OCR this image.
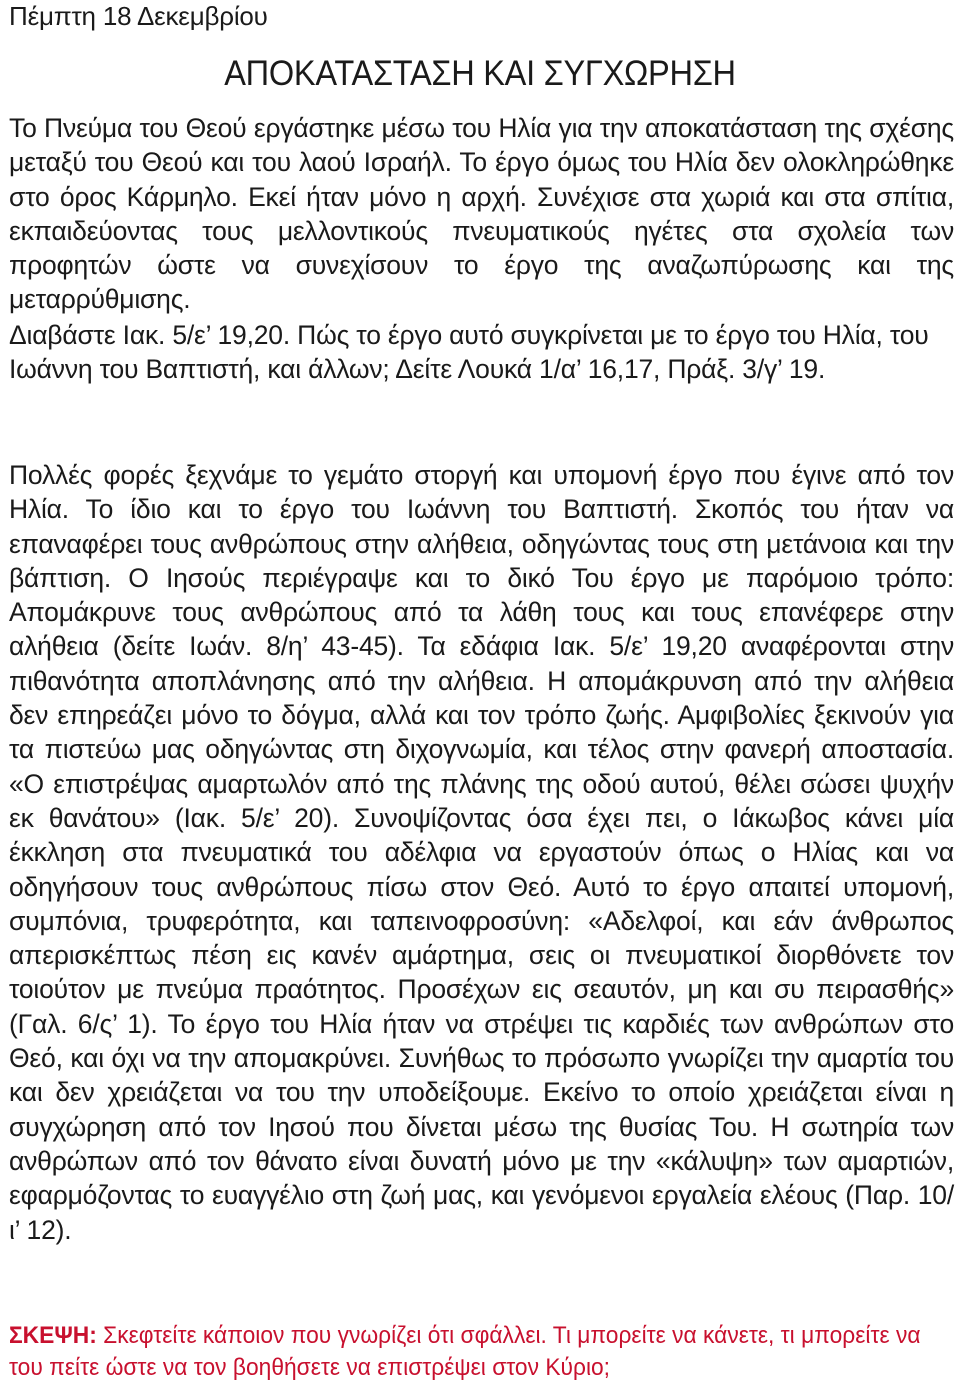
Πέμπτη 18 Δεκεμβρίου
ΑΠΟΚΑΤΑΣΤΑΣΗ ΚΑΙ ΣΥΓΧΩΡΗΣΗ

Το Πνεύμα του Θεού εργάστηκε μέσω του Ηλία για την αποκατάσταση της σχέσης μεταξύ του Θεού και του λαού Ισραήλ. Το έργο όμως του Ηλία δεν ολοκληρώθηκε στο όρος Κάρμηλο. Εκεί ήταν μόνο η αρχή. Συνέχισε στα χωριά και στα σπίτια, εκπαιδεύοντας τους μελλοντικούς πνευματικούς ηγέτες στα σχολεία των προφητών ώστε να συνεχίσουν το έργο της αναζωπύρωσης και της μεταρρύθμισης.

Διαβάστε Ιακ. 5/ε’ 19,20. Πώς το έργο αυτό συγκρίνεται με το έργο του Ηλία, του Ιωάννη του Βαπτιστή, και άλλων; Δείτε Λουκά 1/α’ 16,17, Πράξ. 3/γ’ 19.

Πολλές φορές ξεχνάμε το γεμάτο στοργή και υπομονή έργο που έγινε από τον Ηλία. Το ίδιο και το έργο του Ιωάννη του Βαπτιστή. Σκοπός του ήταν να επαναφέρει τους ανθρώπους στην αλήθεια, οδηγώντας τους στη μετάνοια και την βάπτιση. Ο Ιησούς περιέγραψε και το δικό Του έργο με παρόμοιο τρόπο: Απομάκρυνε τους ανθρώπους από τα λάθη τους και τους επανέφερε στην αλήθεια (δείτε Ιωάν. 8/η’ 43-45). Τα εδάφια Ιακ. 5/ε’ 19,20 αναφέρονται στην πιθανότητα αποπλάνησης από την αλήθεια. Η απομάκρυνση από την αλήθεια δεν επηρεάζει μόνο το δόγμα, αλλά και τον τρόπο ζωής. Αμφιβολίες ξεκινούν για τα πιστεύω μας οδηγώντας στη διχογνωμία, και τέλος στην φανερή αποστασία. «Ο επιστρέψας αμαρτωλόν από της πλάνης της οδού αυτού, θέλει σώσει ψυχήν εκ θανάτου» (Ιακ. 5/ε’ 20). Συνοψίζοντας όσα έχει πει, ο Ιάκωβος κάνει μία έκκληση στα πνευματικά του αδέλφια να εργαστούν όπως ο Ηλίας και να οδηγήσουν τους ανθρώπους πίσω στον Θεό. Αυτό το έργο απαιτεί υπομονή, συμπόνια, τρυφερότητα, και ταπεινοφροσύνη: «Αδελφοί, και εάν άνθρωπος απερισκέπτως πέση εις κανέν αμάρτημα, σεις οι πνευματικοί διορθόνετε τον τοιούτον με πνεύμα πραότητος. Προσέχων εις σεαυτόν, μη και συ πειρασθής» (Γαλ. 6/ς’ 1). Το έργο του Ηλία ήταν να στρέψει τις καρδιές των ανθρώπων στο Θεό, και όχι να την απομακρύνει. Συνήθως το πρόσωπο γνωρίζει την αμαρτία του και δεν χρειάζεται να του την υποδείξουμε. Εκείνο το οποίο χρειάζεται είναι η συγχώρηση από τον Ιησού που δίνεται μέσω της θυσίας Του. Η σωτηρία των ανθρώπων από τον θάνατο είναι δυνατή μόνο με την «κάλυψη» των αμαρτιών, εφαρμόζοντας το ευαγγέλιο στη ζωή μας, και γενόμενοι εργαλεία ελέους (Παρ. 10/ι’ 12).

ΣΚΕΨΗ: Σκεφτείτε κάποιον που γνωρίζει ότι σφάλλει. Τι μπορείτε να κάνετε, τι μπορείτε να του πείτε ώστε να τον βοηθήσετε να επιστρέψει στον Κύριο;
